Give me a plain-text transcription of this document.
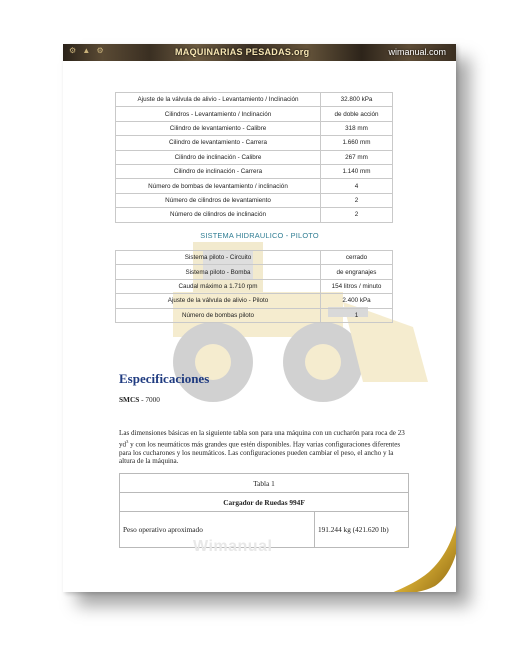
⚙ ▲ ⚙	MAQUINARIAS PESADAS.org	wimanual.com
Ajuste de la válvula de alivio - Levantamiento / Inclinación	32.800 kPa
Cilindros - Levantamiento / Inclinación	de doble acción
Cilindro de levantamiento - Calibre	318 mm
Cilindro de levantamiento - Carrera	1.660 mm
Cilindro de inclinación - Calibre	267 mm
Cilindro de inclinación - Carrera	1.140 mm
Número de bombas de levantamiento / inclinación	4
Número de cilindros de levantamiento	2
Número de cilindros de inclinación	2
SISTEMA HIDRAULICO - PILOTO
Sistema piloto - Circuito	cerrado
Sistema piloto - Bomba	de engranajes
Caudal máximo a 1.710 rpm	154 litros / minuto
Ajuste de la válvula de alivio - Piloto	2.400 kPa
Número de bombas piloto	1
Especificaciones
SMCS - 7000
Las dimensiones básicas en la siguiente tabla son para una máquina con un cucharón para roca de 23 $yd^3$ y con los neumáticos más grandes que estén disponibles. Hay varias configuraciones diferentes para los cucharones y los neumáticos. Las configuraciones pueden cambiar el peso, el ancho y la altura de la máquina.
Tabla 1
Cargador de Ruedas 994F
Peso operativo aproximado	191.244 kg (421.620 lb)
Wimanual
